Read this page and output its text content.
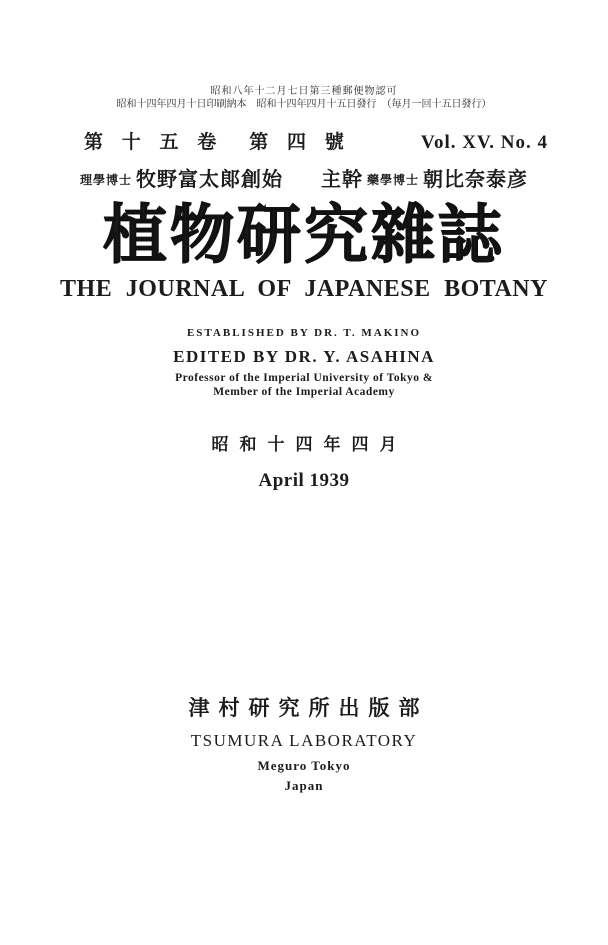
昭和八年十二月七日第三種郵便物認可
昭和十四年四月十日印刷納本　昭和十四年四月十五日發行　（毎月一回十五日發行）
第 十 五 卷　第 四 號	Vol. XV. No. 4
理學博士 牧野富太郞創始 主幹 藥學博士 朝比奈泰彦
植物研究雜誌
THE JOURNAL OF JAPANESE BOTANY
ESTABLISHED BY DR. T. MAKINO
EDITED BY DR. Y. ASAHINA
Professor of the Imperial University of Tokyo &
Member of the Imperial Academy
昭和十四年四月
April 1939
津村研究所出版部
TSUMURA LABORATORY
Meguro Tokyo
Japan
